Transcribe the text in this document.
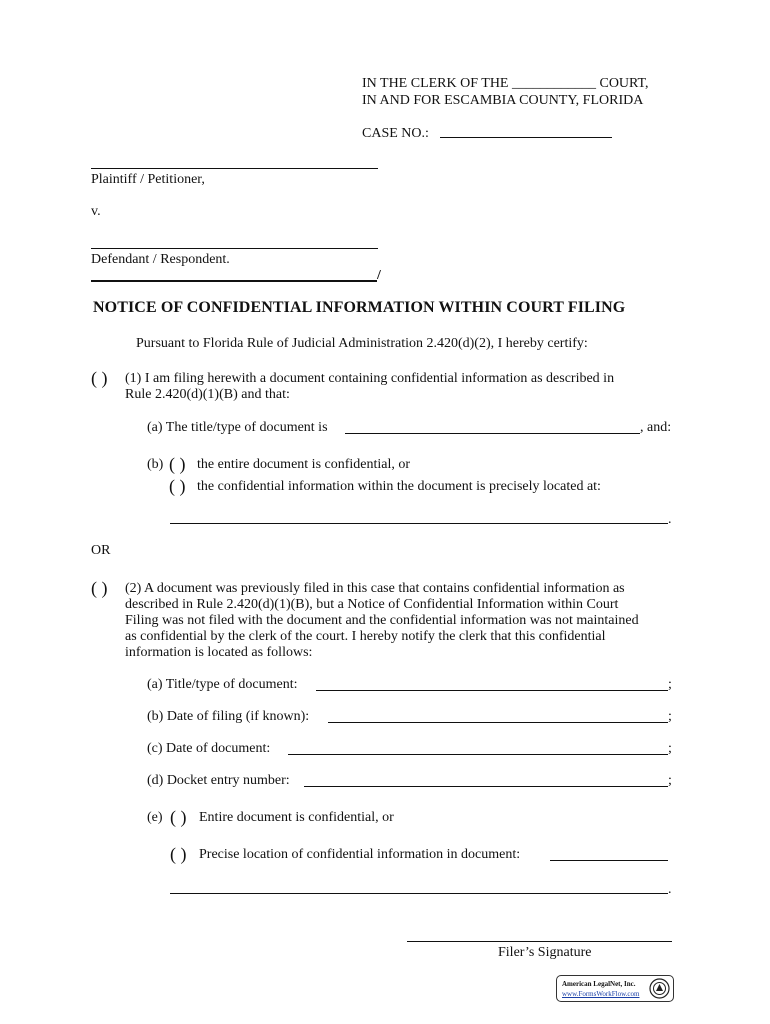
IN THE CLERK OF THE ____________ COURT,
IN AND FOR ESCAMBIA COUNTY, FLORIDA
CASE NO.:
Plaintiff / Petitioner,
v.
Defendant / Respondent.
/
NOTICE OF CONFIDENTIAL INFORMATION WITHIN COURT FILING
Pursuant to Florida Rule of Judicial Administration 2.420(d)(2), I hereby certify:
( ) (1) I am filing herewith a document containing confidential information as described in
Rule 2.420(d)(1)(B) and that:
(a) The title/type of document is	, and:
(b) ( ) the entire document is confidential, or
( ) the confidential information within the document is precisely located at:
.
OR
( ) (2) A document was previously filed in this case that contains confidential information as
described in Rule 2.420(d)(1)(B), but a Notice of Confidential Information within Court
Filing was not filed with the document and the confidential information was not maintained
as confidential by the clerk of the court. I hereby notify the clerk that this confidential
information is located as follows:
(a) Title/type of document:	;
(b) Date of filing (if known):	;
(c) Date of document:	;
(d) Docket entry number:	;
(e) ( ) Entire document is confidential, or
( ) Precise location of confidential information in document:
.
Filer’s Signature
American LegalNet, Inc.
www.FormsWorkFlow.com
